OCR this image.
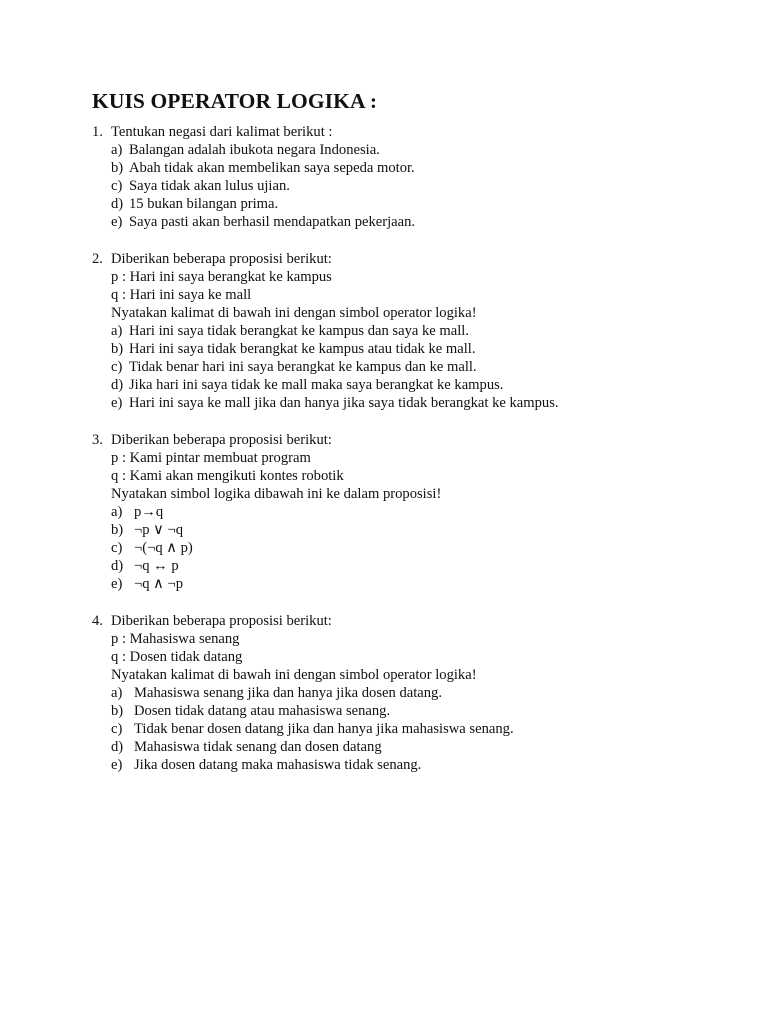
KUIS OPERATOR LOGIKA :
1. Tentukan negasi dari kalimat berikut :
a) Balangan adalah ibukota negara Indonesia.
b) Abah tidak akan membelikan saya sepeda motor.
c) Saya tidak akan lulus ujian.
d) 15 bukan bilangan prima.
e) Saya pasti akan berhasil mendapatkan pekerjaan.
2. Diberikan beberapa proposisi berikut:
p : Hari ini saya berangkat ke kampus
q : Hari ini saya ke mall
Nyatakan kalimat di bawah ini dengan simbol operator logika!
a) Hari ini saya tidak berangkat ke kampus dan saya ke mall.
b) Hari ini saya tidak berangkat ke kampus atau tidak ke mall.
c) Tidak benar hari ini saya berangkat ke kampus dan ke mall.
d) Jika hari ini saya tidak ke mall maka saya berangkat ke kampus.
e) Hari ini saya ke mall jika dan hanya jika saya tidak berangkat ke kampus.
3. Diberikan beberapa proposisi berikut:
p : Kami pintar membuat program
q : Kami akan mengikuti kontes robotik
Nyatakan simbol logika dibawah ini ke dalam proposisi!
a) p→q
b) ¬p ∨ ¬q
c) ¬(¬q ∧ p)
d) ¬q ↔ p
e) ¬q ∧ ¬p
4. Diberikan beberapa proposisi berikut:
p : Mahasiswa senang
q : Dosen tidak datang
Nyatakan kalimat di bawah ini dengan simbol operator logika!
a) Mahasiswa senang jika dan hanya jika dosen datang.
b) Dosen tidak datang atau mahasiswa senang.
c) Tidak benar dosen datang jika dan hanya jika mahasiswa senang.
d) Mahasiswa tidak senang dan dosen datang
e) Jika dosen datang maka mahasiswa tidak senang.
